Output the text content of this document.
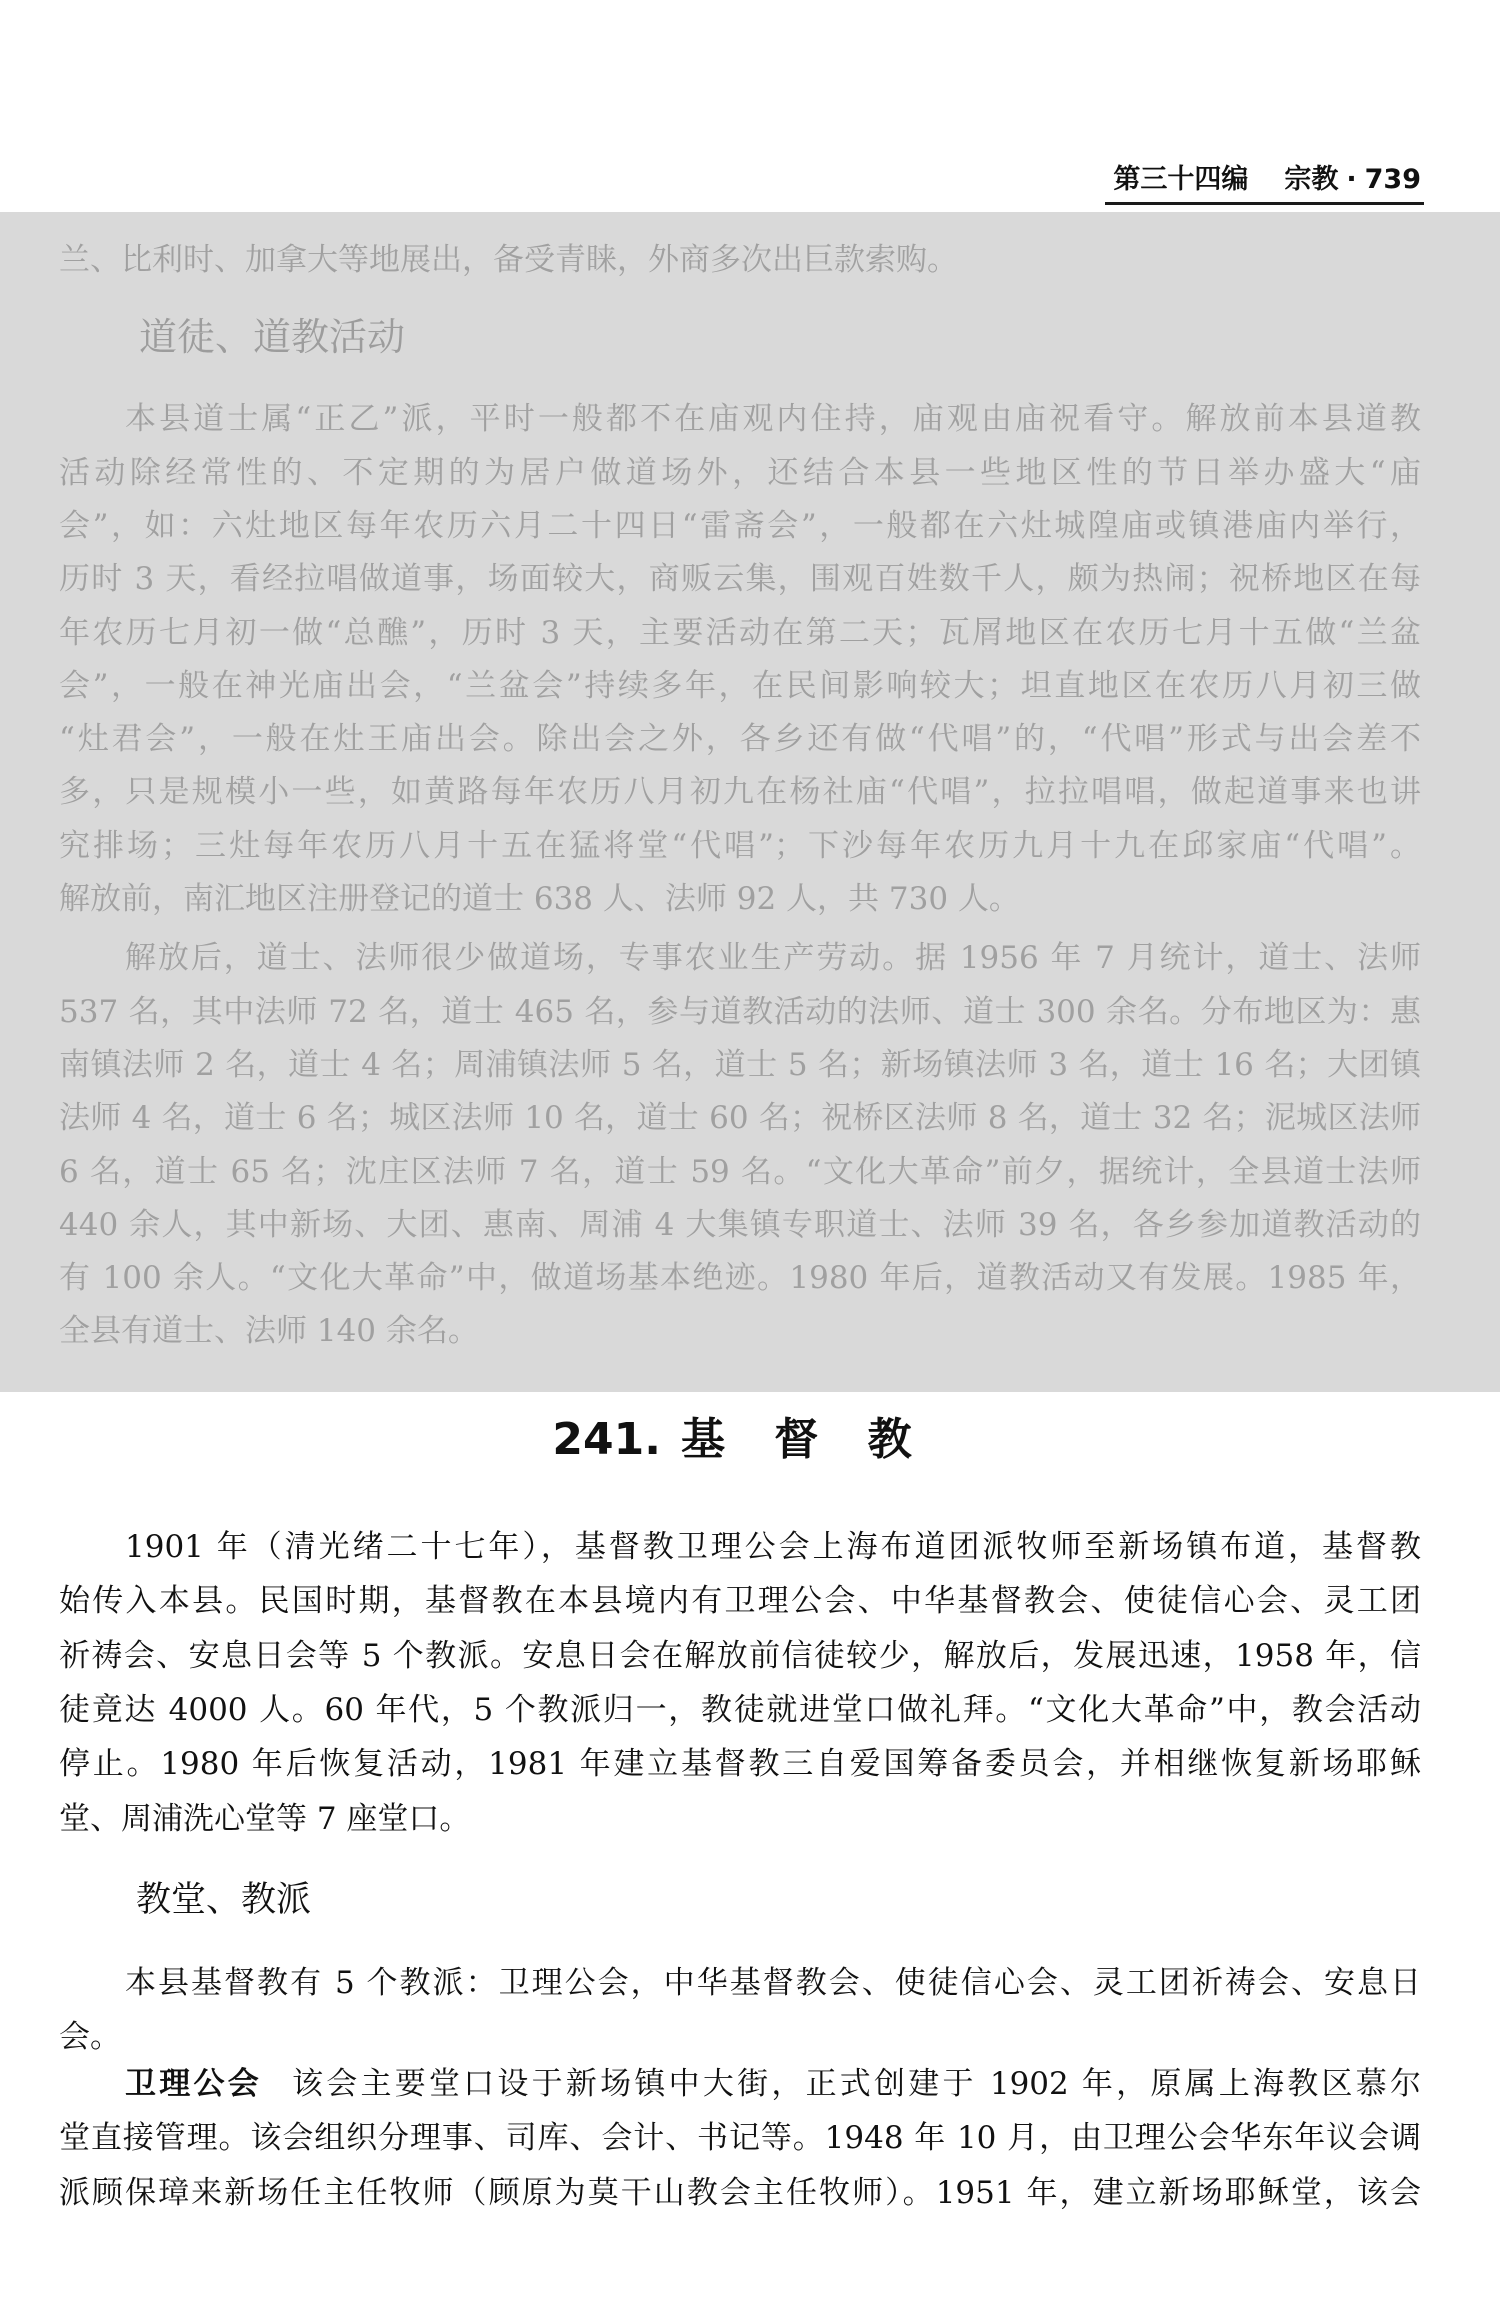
第三十四编 宗教 · 739
兰、比利时、加拿大等地展出，备受青睐，外商多次出巨款索购。
道徒、道教活动
本县道士属“正乙”派，平时一般都不在庙观内住持，庙观由庙祝看守。解放前本县道教
活动除经常性的、不定期的为居户做道场外，还结合本县一些地区性的节日举办盛大“庙
会”，如：六灶地区每年农历六月二十四日“雷斋会”，一般都在六灶城隍庙或镇港庙内举行，
历时 3 天，看经拉唱做道事，场面较大，商贩云集，围观百姓数千人，颇为热闹；祝桥地区在每
年农历七月初一做“总醮”，历时 3 天，主要活动在第二天；瓦屑地区在农历七月十五做“兰盆
会”，一般在神光庙出会，“兰盆会”持续多年，在民间影响较大；坦直地区在农历八月初三做
“灶君会”，一般在灶王庙出会。除出会之外，各乡还有做“代唱”的，“代唱”形式与出会差不
多，只是规模小一些，如黄路每年农历八月初九在杨社庙“代唱”，拉拉唱唱，做起道事来也讲
究排场；三灶每年农历八月十五在猛将堂“代唱”；下沙每年农历九月十九在邱家庙“代唱”。
解放前，南汇地区注册登记的道士 638 人、法师 92 人，共 730 人。
解放后，道士、法师很少做道场，专事农业生产劳动。据 1956 年 7 月统计，道士、法师
537 名，其中法师 72 名，道士 465 名，参与道教活动的法师、道士 300 余名。分布地区为：惠
南镇法师 2 名，道士 4 名；周浦镇法师 5 名，道士 5 名；新场镇法师 3 名，道士 16 名；大团镇
法师 4 名，道士 6 名；城区法师 10 名，道士 60 名；祝桥区法师 8 名，道士 32 名；泥城区法师
6 名，道士 65 名；沈庄区法师 7 名，道士 59 名。“文化大革命”前夕，据统计，全县道士法师
440 余人，其中新场、大团、惠南、周浦 4 大集镇专职道士、法师 39 名，各乡参加道教活动的
有 100 余人。“文化大革命”中，做道场基本绝迹。1980 年后，道教活动又有发展。1985 年，
全县有道士、法师 140 余名。
241. 基 督 教
1901 年（清光绪二十七年），基督教卫理公会上海布道团派牧师至新场镇布道，基督教
始传入本县。民国时期，基督教在本县境内有卫理公会、中华基督教会、使徒信心会、灵工团
祈祷会、安息日会等 5 个教派。安息日会在解放前信徒较少，解放后，发展迅速，1958 年，信
徒竟达 4000 人。60 年代，5 个教派归一，教徒就进堂口做礼拜。“文化大革命”中，教会活动
停止。1980 年后恢复活动，1981 年建立基督教三自爱国筹备委员会，并相继恢复新场耶稣
堂、周浦洗心堂等 7 座堂口。
教堂、教派
本县基督教有 5 个教派：卫理公会，中华基督教会、使徒信心会、灵工团祈祷会、安息日
会。
卫理公会 该会主要堂口设于新场镇中大街，正式创建于 1902 年，原属上海教区慕尔
堂直接管理。该会组织分理事、司库、会计、书记等。1948 年 10 月，由卫理公会华东年议会调
派顾保璋来新场任主任牧师（顾原为莫干山教会主任牧师）。1951 年，建立新场耶稣堂，该会
